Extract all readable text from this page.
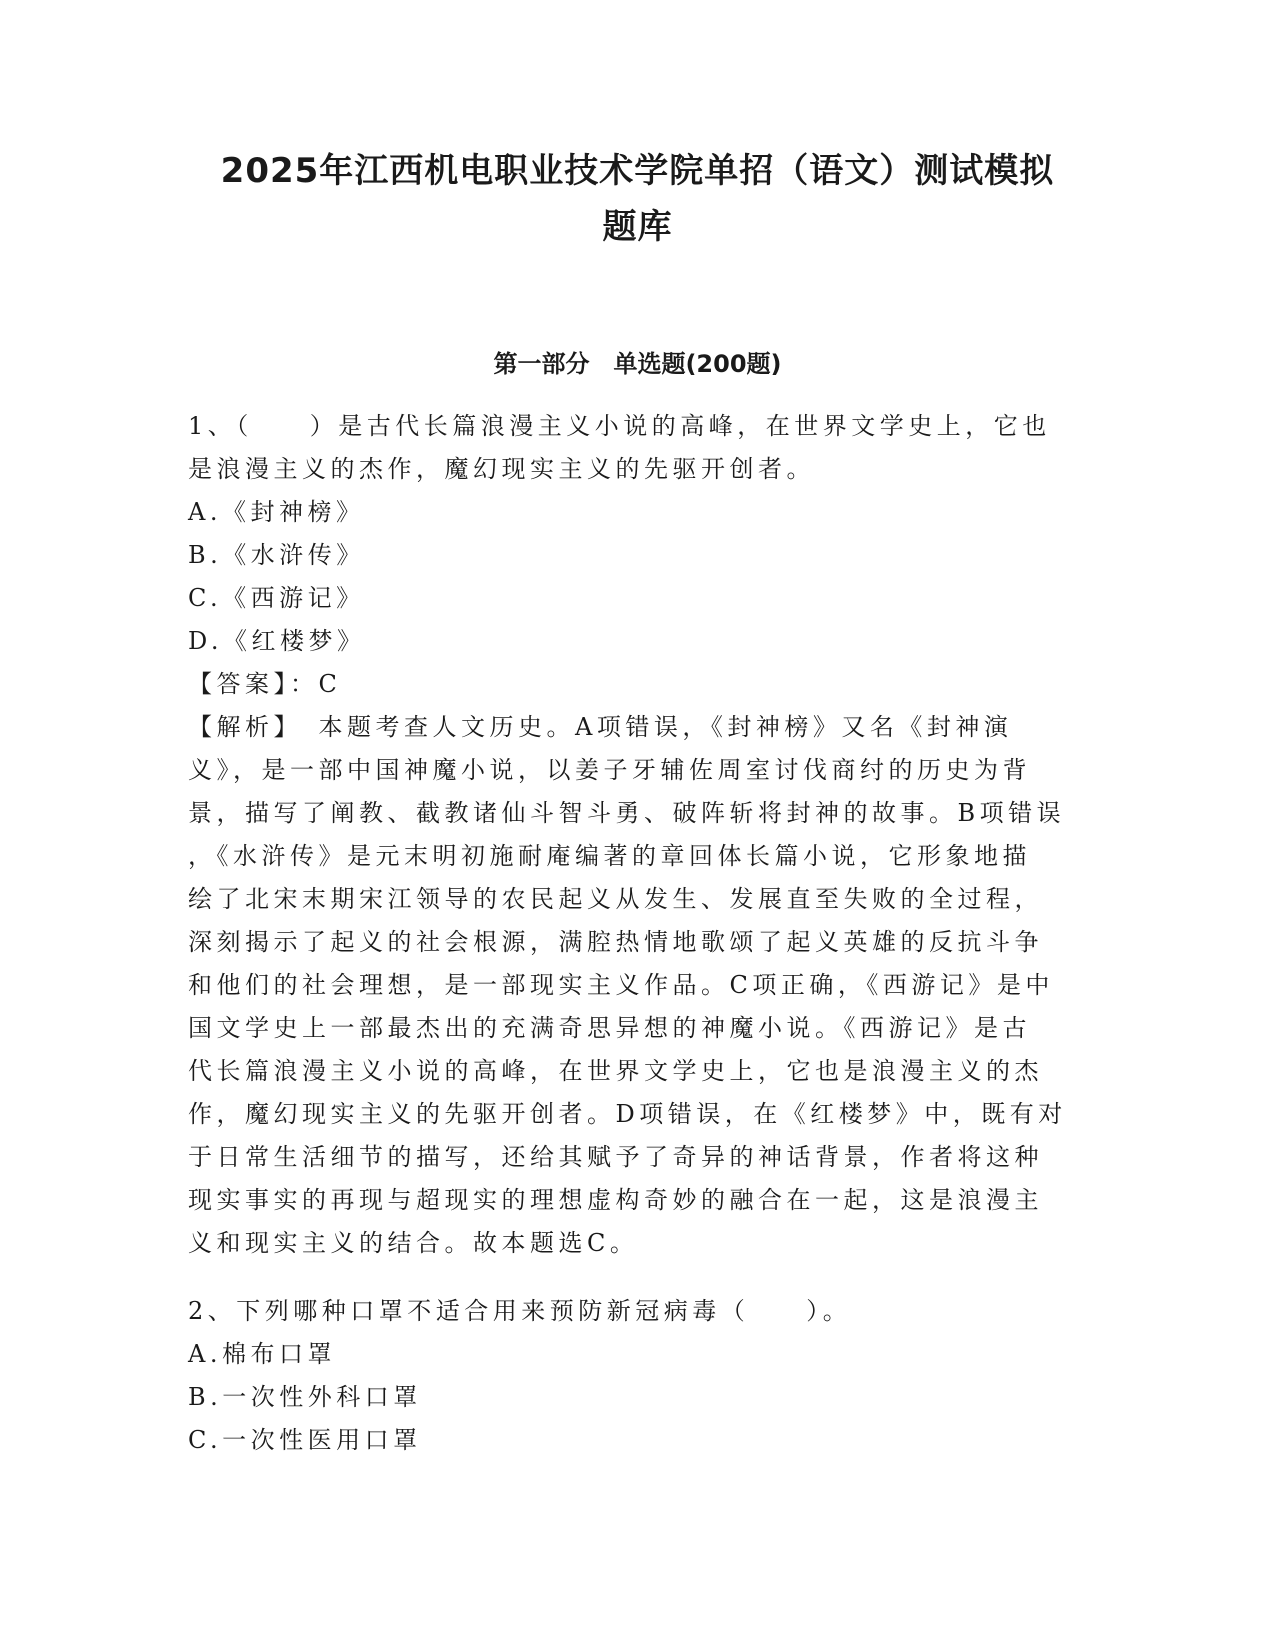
2025年江西机电职业技术学院单招（语文）测试模拟
题库
第一部分　单选题(200题)
1、（　　）是古代长篇浪漫主义小说的高峰，在世界文学史上，它也
是浪漫主义的杰作，魔幻现实主义的先驱开创者。
A.《封神榜》
B.《水浒传》
C.《西游记》
D.《红楼梦》
【答案】：C
【解析】　本题考查人文历史。A项错误，《封神榜》又名《封神演
义》，是一部中国神魔小说，以姜子牙辅佐周室讨伐商纣的历史为背
景，描写了阐教、截教诸仙斗智斗勇、破阵斩将封神的故事。B项错误
，《水浒传》是元末明初施耐庵编著的章回体长篇小说，它形象地描
绘了北宋末期宋江领导的农民起义从发生、发展直至失败的全过程，
深刻揭示了起义的社会根源，满腔热情地歌颂了起义英雄的反抗斗争
和他们的社会理想，是一部现实主义作品。C项正确，《西游记》是中
国文学史上一部最杰出的充满奇思异想的神魔小说。《西游记》是古
代长篇浪漫主义小说的高峰，在世界文学史上，它也是浪漫主义的杰
作，魔幻现实主义的先驱开创者。D项错误，在《红楼梦》中，既有对
于日常生活细节的描写，还给其赋予了奇异的神话背景，作者将这种
现实事实的再现与超现实的理想虚构奇妙的融合在一起，这是浪漫主
义和现实主义的结合。故本题选C。
2、下列哪种口罩不适合用来预防新冠病毒（　　）。
A.棉布口罩
B.一次性外科口罩
C.一次性医用口罩
